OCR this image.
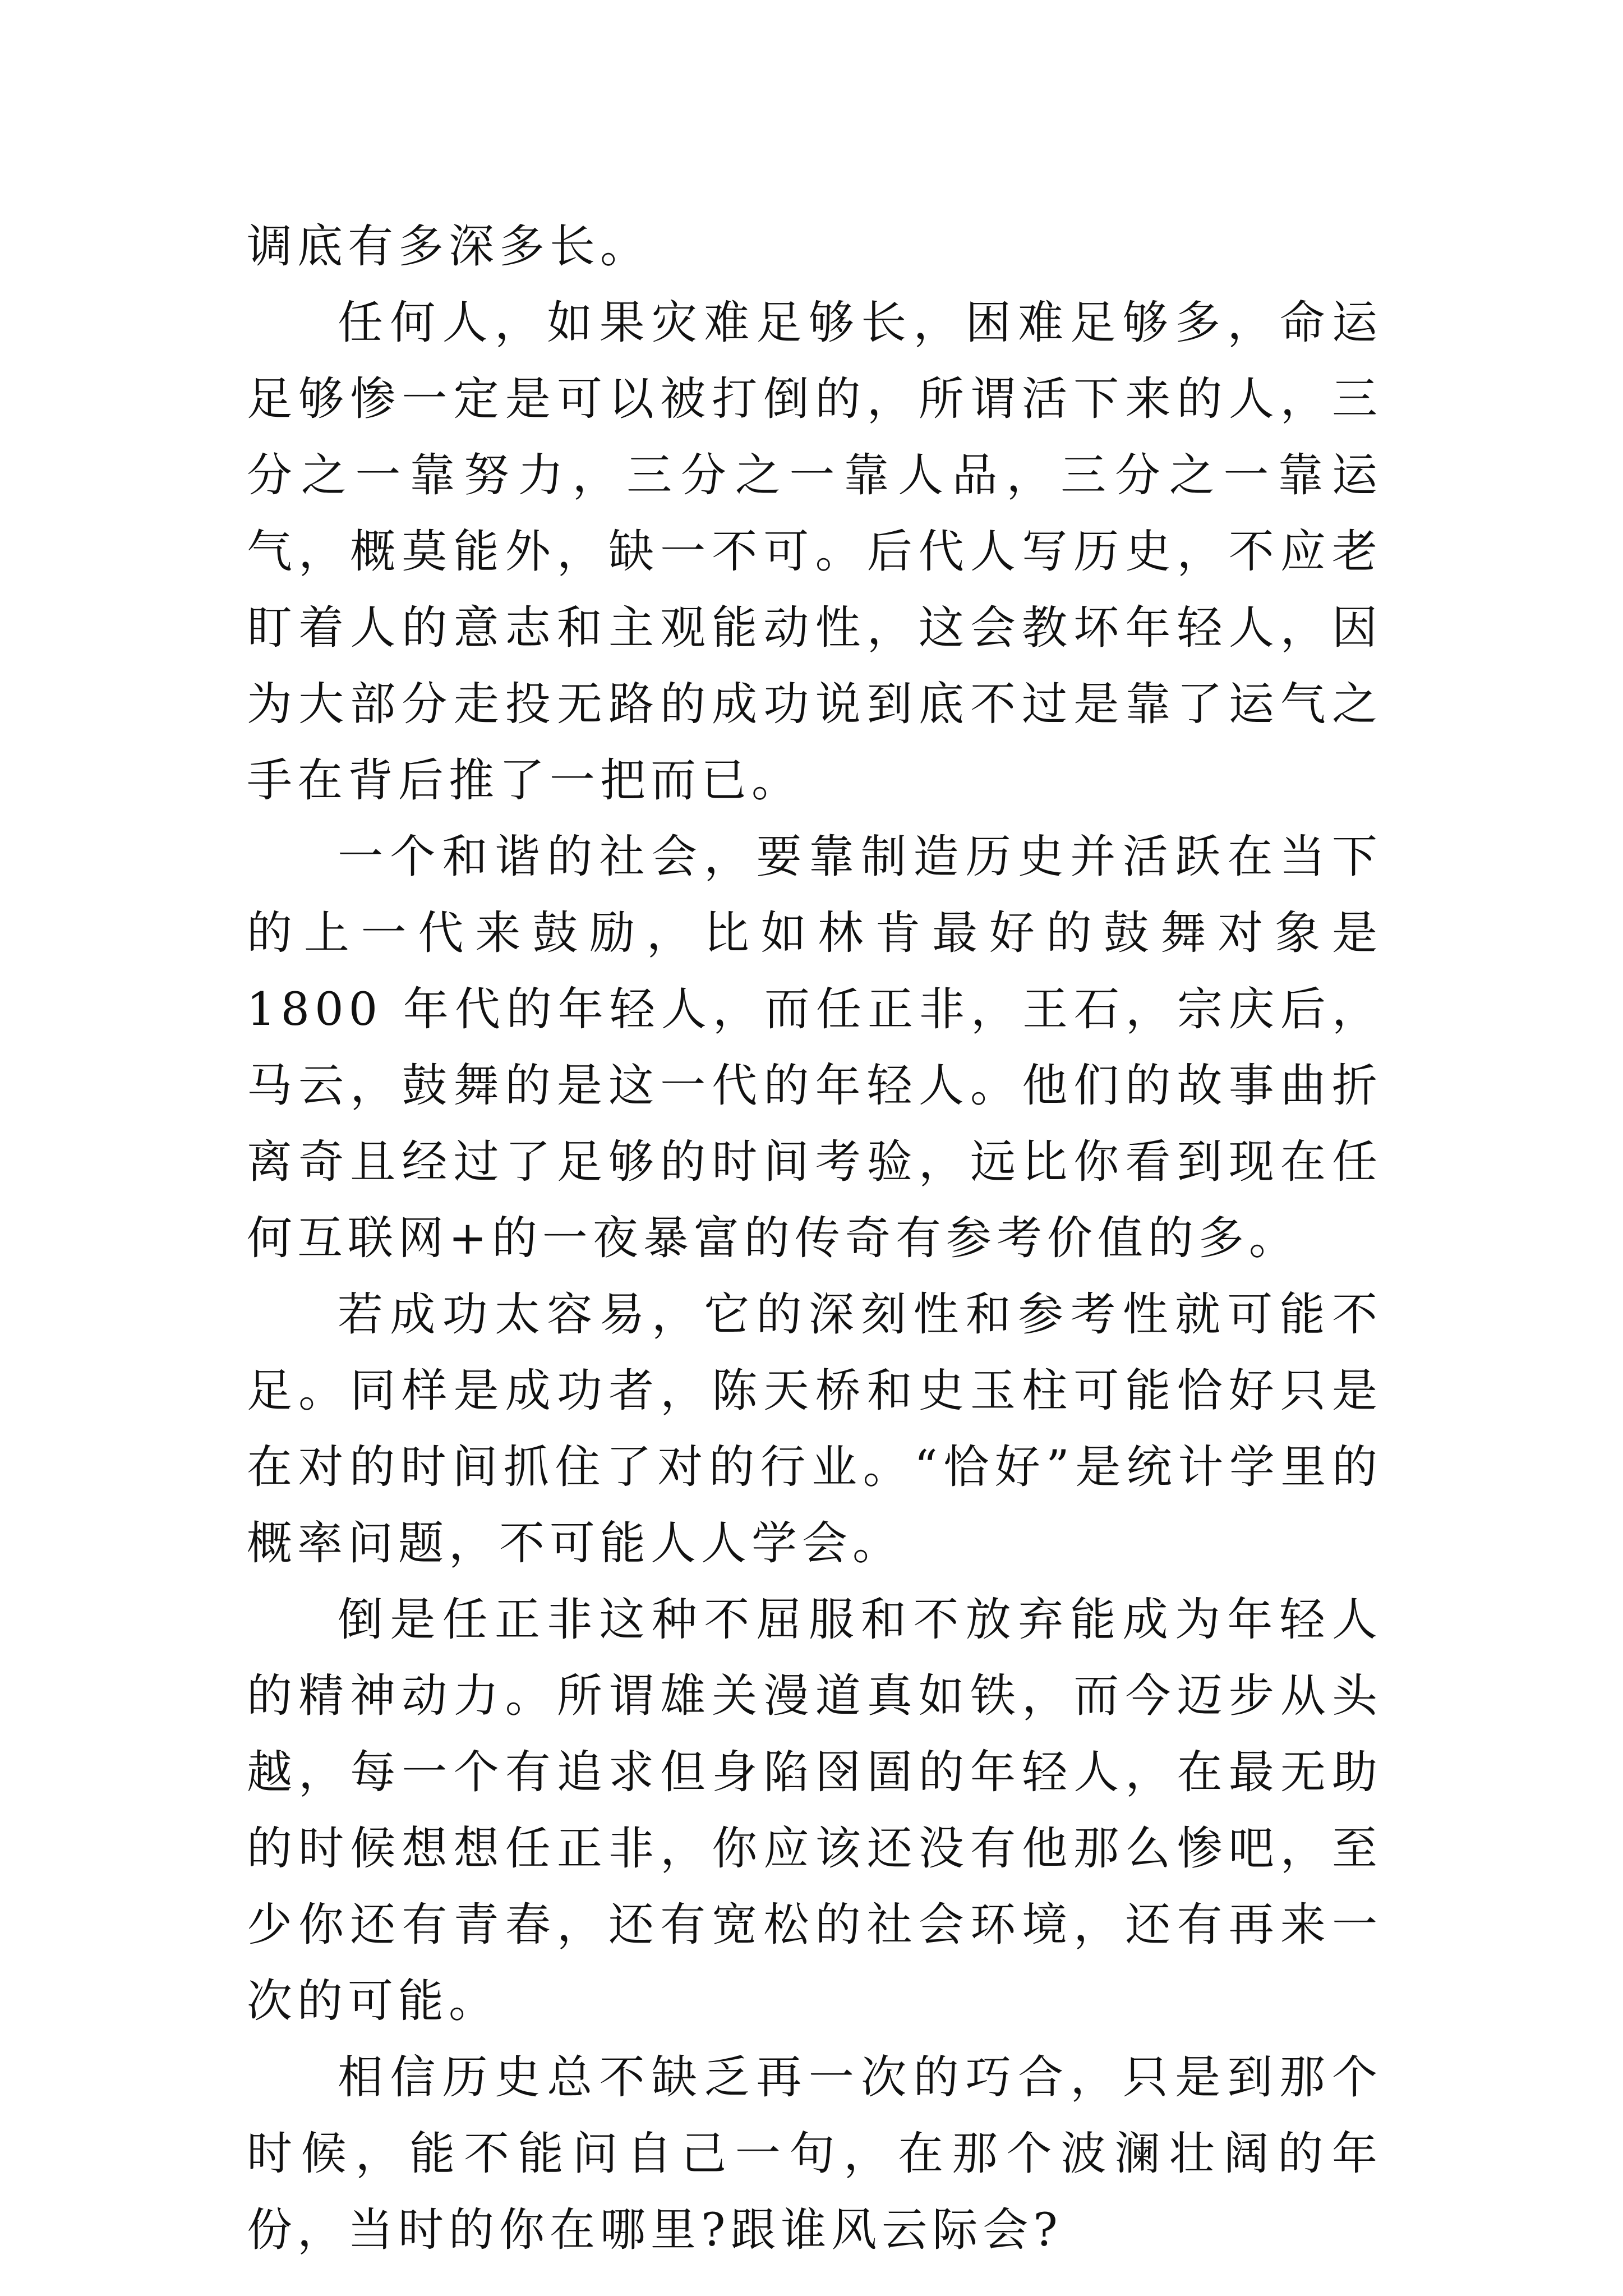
调底有多深多长。

任何人，如果灾难足够长，困难足够多，命运足够惨一定是可以被打倒的，所谓活下来的人，三分之一靠努力，三分之一靠人品，三分之一靠运气，概莫能外，缺一不可。后代人写历史，不应老盯着人的意志和主观能动性，这会教坏年轻人，因为大部分走投无路的成功说到底不过是靠了运气之手在背后推了一把而已。

一个和谐的社会，要靠制造历史并活跃在当下的上一代来鼓励，比如林肯最好的鼓舞对象是 1800 年代的年轻人，而任正非，王石，宗庆后，马云，鼓舞的是这一代的年轻人。他们的故事曲折离奇且经过了足够的时间考验，远比你看到现在任何互联网+的一夜暴富的传奇有参考价值的多。

若成功太容易，它的深刻性和参考性就可能不足。同样是成功者，陈天桥和史玉柱可能恰好只是在对的时间抓住了对的行业。“恰好”是统计学里的概率问题，不可能人人学会。

倒是任正非这种不屈服和不放弃能成为年轻人的精神动力。所谓雄关漫道真如铁，而今迈步从头越，每一个有追求但身陷囹圄的年轻人，在最无助的时候想想任正非，你应该还没有他那么惨吧，至少你还有青春，还有宽松的社会环境，还有再来一次的可能。

相信历史总不缺乏再一次的巧合，只是到那个时候，能不能问自己一句，在那个波澜壮阔的年份，当时的你在哪里?跟谁风云际会?
